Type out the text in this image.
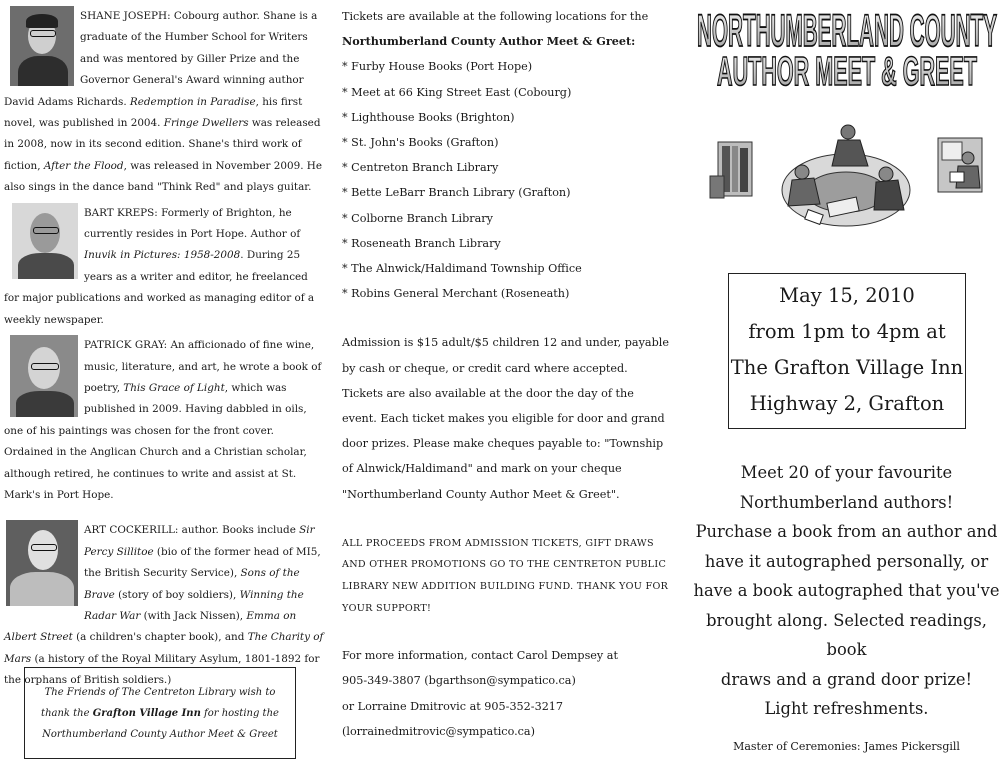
SHANE JOSEPH: Cobourg author. Shane is a graduate of the Humber School for Writers and was mentored by Giller Prize and the Governor General's Award winning author David Adams Richards. Redemption in Paradise, his first novel, was published in 2004. Fringe Dwellers was released in 2008, now in its second edition. Shane's third work of fiction, After the Flood, was released in November 2009. He also sings in the dance band "Think Red" and plays guitar.

BART KREPS: Formerly of Brighton, he currently resides in Port Hope. Author of Inuvik in Pictures: 1958-2008. During 25 years as a writer and editor, he freelanced for major publications and worked as managing editor of a weekly newspaper.

PATRICK GRAY: An afficionado of fine wine, music, literature, and art, he wrote a book of poetry, This Grace of Light, which was published in 2009. Having dabbled in oils, one of his paintings was chosen for the front cover. Ordained in the Anglican Church and a Christian scholar, although retired, he continues to write and assist at St. Mark's in Port Hope.

ART COCKERILL: author. Books include Sir Percy Sillitoe (bio of the former head of MI5, the British Security Service), Sons of the Brave (story of boy soldiers), Winning the Radar War (with Jack Nissen), Emma on Albert Street (a children's chapter book), and The Charity of Mars (a history of the Royal Military Asylum, 1801-1892 for the orphans of British soldiers.)

The Friends of The Centreton Library wish to thank the Grafton Village Inn for hosting the Northumberland County Author Meet & Greet

Tickets are available at the following locations for the

Northumberland County Author Meet & Greet:

* Furby House Books (Port Hope)

* Meet at 66 King Street East (Cobourg)

* Lighthouse Books (Brighton)

* St. John's Books (Grafton)

* Centreton Branch Library

* Bette LeBarr Branch Library (Grafton)

* Colborne Branch Library

* Roseneath Branch Library

* The Alnwick/Haldimand Township Office

* Robins General Merchant (Roseneath)

Admission is $15 adult/$5 children 12 and under, payable by cash or cheque, or credit card where accepted. Tickets are also available at the door the day of the event. Each ticket makes you eligible for door and grand door prizes. Please make cheques payable to: "Township of Alnwick/Haldimand" and mark on your cheque "Northumberland County Author Meet & Greet".

ALL PROCEEDS FROM ADMISSION TICKETS, GIFT DRAWS AND OTHER PROMOTIONS GO TO THE CENTRETON PUBLIC LIBRARY NEW ADDITION BUILDING FUND. THANK YOU FOR YOUR SUPPORT!

For more information, contact Carol Dempsey at

905-349-3807 (bgarthson@sympatico.ca)

or Lorraine Dmitrovic at 905-352-3217

(lorrainedmitrovic@sympatico.ca)

NORTHUMBERLAND COUNTY
AUTHOR MEET & GREET
May 15, 2010
from 1pm to 4pm at
The Grafton Village Inn
Highway 2, Grafton
Meet 20 of your favourite
Northumberland authors!
Purchase a book from an author and
have it autographed personally, or
have a book autographed that you've
brought along. Selected readings, book
draws and a grand door prize!
Light refreshments.
Master of Ceremonies: James Pickersgill
